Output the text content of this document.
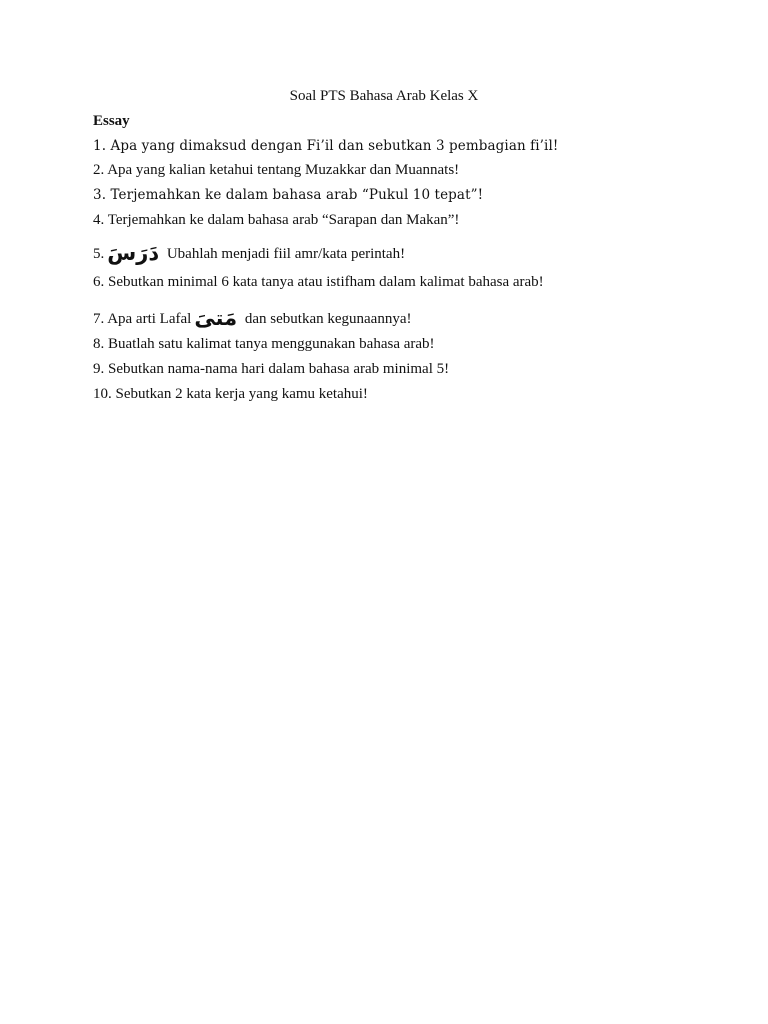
Soal PTS Bahasa Arab Kelas X
Essay
1. Apa yang dimaksud dengan Fi’il dan sebutkan 3 pembagian fi’il!
2. Apa yang kalian ketahui tentang Muzakkar dan Muannats!
3. Terjemahkan ke dalam bahasa arab “Pukul 10 tepat”!
4. Terjemahkan ke dalam bahasa arab “Sarapan dan Makan”!
5. دَرَسَ Ubahlah menjadi fiil amr/kata perintah!
6. Sebutkan minimal 6 kata tanya atau istifham dalam kalimat bahasa arab!
7. Apa arti Lafal مَتىَ dan sebutkan kegunaannya!
8. Buatlah satu kalimat tanya menggunakan bahasa arab!
9. Sebutkan nama-nama hari dalam bahasa arab minimal 5!
10. Sebutkan 2 kata kerja yang kamu ketahui!
